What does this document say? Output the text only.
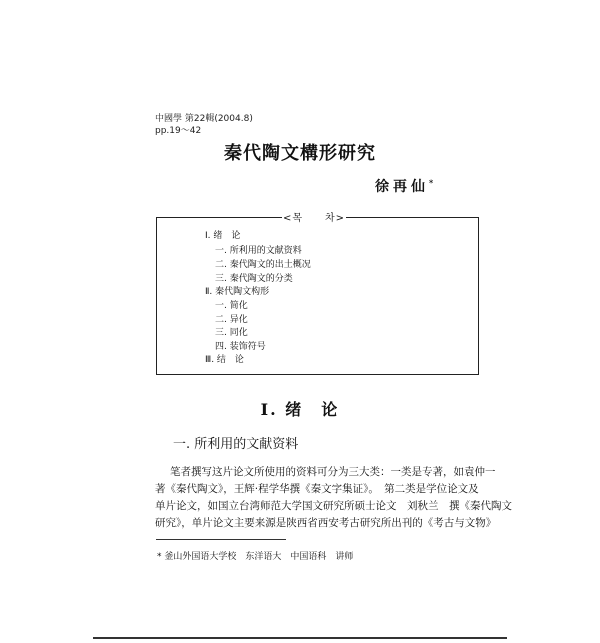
中國學 第22輯(2004.8)
pp.19～42
秦代陶文構形研究
徐再仙*
<목　　차>
Ⅰ. 绪　论
一. 所利用的文献资料
二. 秦代陶文的出土概况
三. 秦代陶文的分类
Ⅱ. 秦代陶文构形
一. 简化
二. 异化
三. 同化
四. 装饰符号
Ⅲ. 结　论
Ⅰ. 绪　论
一. 所利用的文献资料
笔者撰写这片论文所使用的资料可分为三大类：一类是专著，如袁仲一
著《秦代陶文》，王辉·程学华撰《秦文字集证》。　第二类是学位论文及
单片论文，如国立台湾师范大学国文研究所硕士论文　刘秋兰　撰《秦代陶文
研究》，单片论文主要来源是陕西省西安考古研究所出刊的《考古与文物》
* 釜山外国语大学校　东洋语大　中国语科　讲师
